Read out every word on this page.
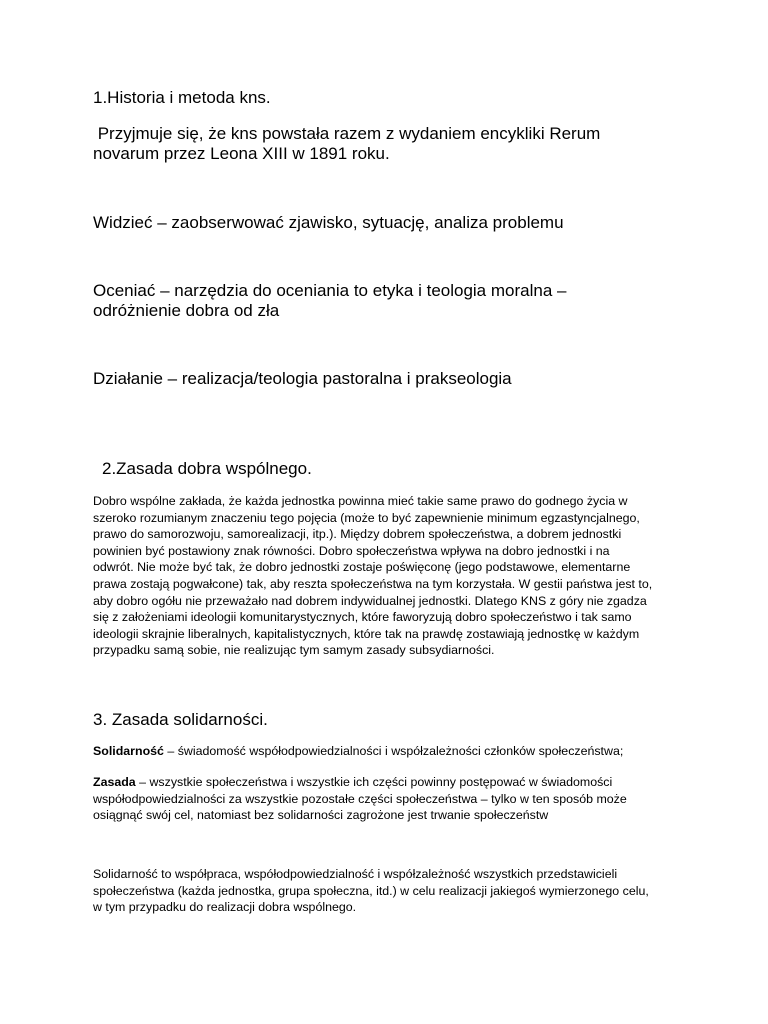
1.Historia i metoda kns.

Przyjmuje się, że kns powstała razem z wydaniem encykliki Rerum
novarum przez Leona XIII w 1891 roku.

Widzieć – zaobserwować zjawisko, sytuację, analiza problemu

Oceniać – narzędzia do oceniania to etyka i teologia moralna –
odróżnienie dobra od zła

Działanie – realizacja/teologia pastoralna i prakseologia

2.Zasada dobra wspólnego.

Dobro wspólne zakłada, że każda jednostka powinna mieć takie same prawo do godnego życia w
szeroko rozumianym znaczeniu tego pojęcia (może to być zapewnienie minimum egzastyncjalnego,
prawo do samorozwoju, samorealizacji, itp.). Między dobrem społeczeństwa, a dobrem jednostki
powinien być postawiony znak równości. Dobro społeczeństwa wpływa na dobro jednostki i na
odwrót. Nie może być tak, że dobro jednostki zostaje poświęconę (jego podstawowe, elementarne
prawa zostają pogwałcone) tak, aby reszta społeczeństwa na tym korzystała. W gestii państwa jest to,
aby dobro ogółu nie przeważało nad dobrem indywidualnej jednostki. Dlatego KNS z góry nie zgadza
się z założeniami ideologii komunitarystycznych, które faworyzują dobro społeczeństwo i tak samo
ideologii skrajnie liberalnych, kapitalistycznych, które tak na prawdę zostawiają jednostkę w każdym
przypadku samą sobie, nie realizując tym samym zasady subsydiarności.

3. Zasada solidarności.

Solidarność – świadomość współodpowiedzialności i współzależności członków społeczeństwa;

Zasada – wszystkie społeczeństwa i wszystkie ich części powinny postępować w świadomości
współodpowiedzialności za wszystkie pozostałe części społeczeństwa – tylko w ten sposób może
osiągnąć swój cel, natomiast bez solidarności zagrożone jest trwanie społeczeństw
Solidarność to współpraca, współodpowiedzialność i współzależność wszystkich przedstawicieli
społeczeństwa (każda jednostka, grupa społeczna, itd.) w celu realizacji jakiegoś wymierzonego celu,
w tym przypadku do realizacji dobra wspólnego.
